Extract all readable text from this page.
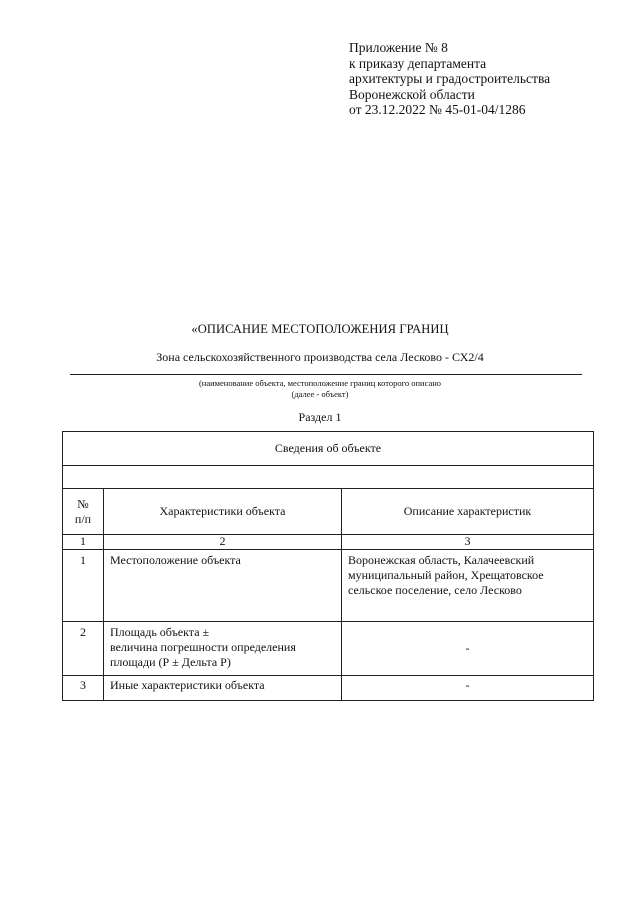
Приложение № 8
к приказу департамента
архитектуры и градостроительства
Воронежской области
от 23.12.2022 № 45-01-04/1286
«ОПИСАНИЕ МЕСТОПОЛОЖЕНИЯ ГРАНИЦ
Зона сельскохозяйственного производства села Лесково - СХ2/4
(наименование объекта, местоположение границ которого описано
(далее - объект)
Раздел 1
Сведения об объекте		

№
п/п	Характеристики объекта	Описание характеристик
1	2	3
1	Местоположение объекта	Воронежская область, Калачеевский муниципальный район, Хрещатовское сельское поселение, село Лесково
2	Площадь объекта ±
величина погрешности определения
площади (Р ± Дельта Р)	-
3	Иные характеристики объекта	-
